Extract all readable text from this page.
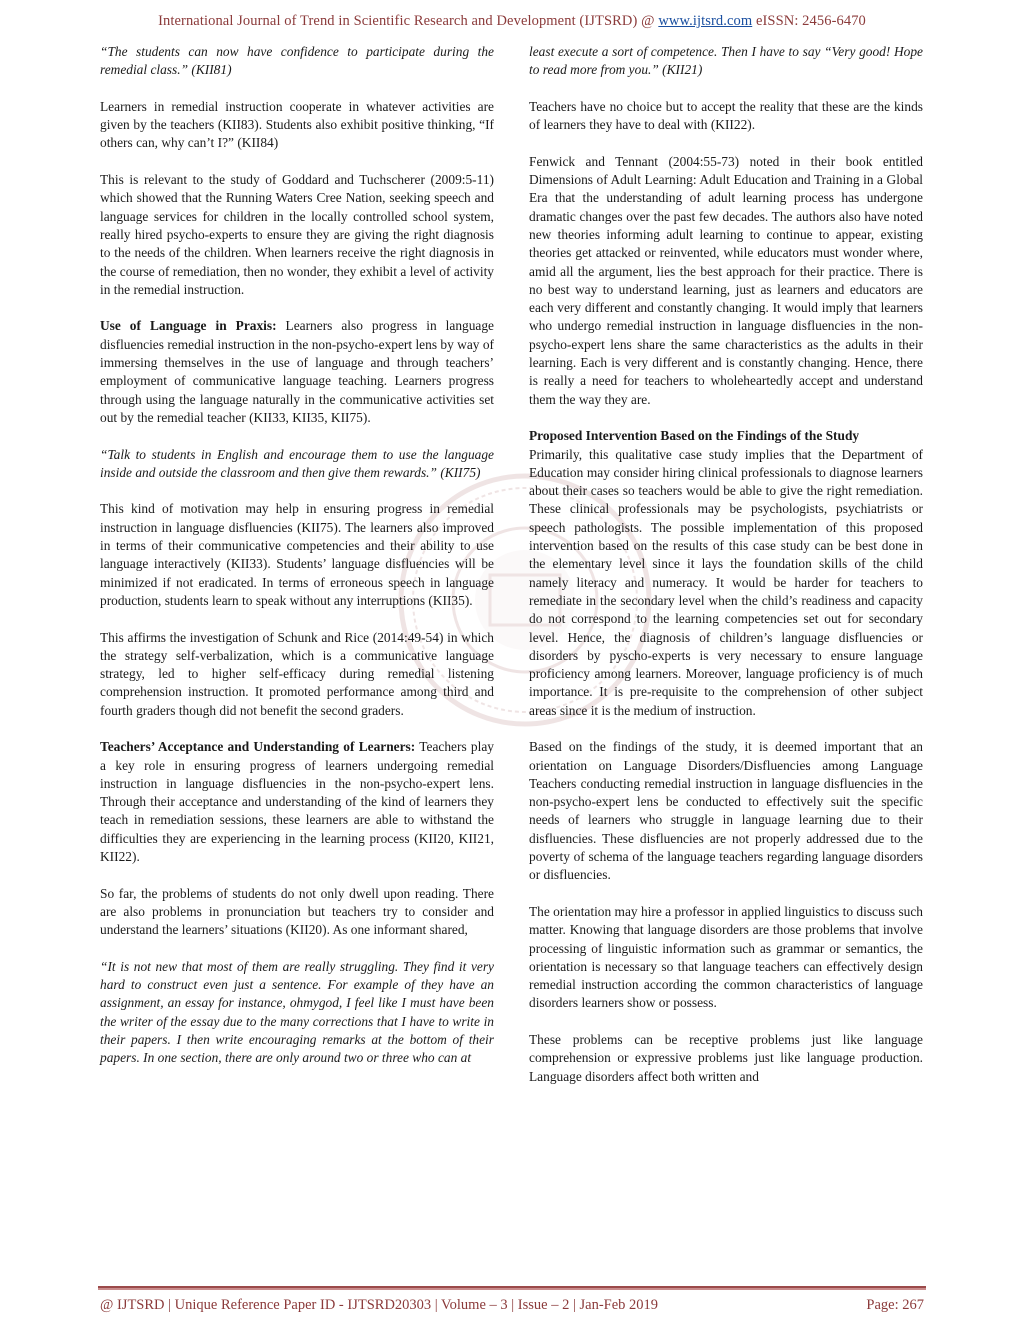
International Journal of Trend in Scientific Research and Development (IJTSRD) @ www.ijtsrd.com eISSN: 2456-6470

“The students can now have confidence to participate during the remedial class.” (KII81)

Learners in remedial instruction cooperate in whatever activities are given by the teachers (KII83). Students also exhibit positive thinking, “If others can, why can’t I?” (KII84)

This is relevant to the study of Goddard and Tuchscherer (2009:5-11) which showed that the Running Waters Cree Nation, seeking speech and language services for children in the locally controlled school system, really hired psycho-experts to ensure they are giving the right diagnosis to the needs of the children. When learners receive the right diagnosis in the course of remediation, then no wonder, they exhibit a level of activity in the remedial instruction.

Use of Language in Praxis: Learners also progress in language disfluencies remedial instruction in the non-psycho-expert lens by way of immersing themselves in the use of language and through teachers’ employment of communicative language teaching. Learners progress through using the language naturally in the communicative activities set out by the remedial teacher (KII33, KII35, KII75).

“Talk to students in English and encourage them to use the language inside and outside the classroom and then give them rewards.” (KII75)

This kind of motivation may help in ensuring progress in remedial instruction in language disfluencies (KII75). The learners also improved in terms of their communicative competencies and their ability to use language interactively (KII33). Students’ language disfluencies will be minimized if not eradicated. In terms of erroneous speech in language production, students learn to speak without any interruptions (KII35).

This affirms the investigation of Schunk and Rice (2014:49-54) in which the strategy self-verbalization, which is a communicative language strategy, led to higher self-efficacy during remedial listening comprehension instruction. It promoted performance among third and fourth graders though did not benefit the second graders.

Teachers’ Acceptance and Understanding of Learners: Teachers play a key role in ensuring progress of learners undergoing remedial instruction in language disfluencies in the non-psycho-expert lens. Through their acceptance and understanding of the kind of learners they teach in remediation sessions, these learners are able to withstand the difficulties they are experiencing in the learning process (KII20, KII21, KII22).

So far, the problems of students do not only dwell upon reading. There are also problems in pronunciation but teachers try to consider and understand the learners’ situations (KII20). As one informant shared,

“It is not new that most of them are really struggling. They find it very hard to construct even just a sentence. For example of they have an assignment, an essay for instance, ohmygod, I feel like I must have been the writer of the essay due to the many corrections that I have to write in their papers. I then write encouraging remarks at the bottom of their papers. In one section, there are only around two or three who can at

least execute a sort of competence. Then I have to say “Very good! Hope to read more from you.” (KII21)

Teachers have no choice but to accept the reality that these are the kinds of learners they have to deal with (KII22).

Fenwick and Tennant (2004:55-73) noted in their book entitled Dimensions of Adult Learning: Adult Education and Training in a Global Era that the understanding of adult learning process has undergone dramatic changes over the past few decades. The authors also have noted new theories informing adult learning to continue to appear, existing theories get attacked or reinvented, while educators must wonder where, amid all the argument, lies the best approach for their practice. There is no best way to understand learning, just as learners and educators are each very different and constantly changing. It would imply that learners who undergo remedial instruction in language disfluencies in the non-psycho-expert lens share the same characteristics as the adults in their learning. Each is very different and is constantly changing. Hence, there is really a need for teachers to wholeheartedly accept and understand them the way they are.

Proposed Intervention Based on the Findings of the Study

Primarily, this qualitative case study implies that the Department of Education may consider hiring clinical professionals to diagnose learners about their cases so teachers would be able to give the right remediation. These clinical professionals may be psychologists, psychiatrists or speech pathologists. The possible implementation of this proposed intervention based on the results of this case study can be best done in the elementary level since it lays the foundation skills of the child namely literacy and numeracy. It would be harder for teachers to remediate in the secondary level when the child’s readiness and capacity do not correspond to the learning competencies set out for secondary level. Hence, the diagnosis of children’s language disfluencies or disorders by pyscho-experts is very necessary to ensure language proficiency among learners. Moreover, language proficiency is of much importance. It is pre-requisite to the comprehension of other subject areas since it is the medium of instruction.

Based on the findings of the study, it is deemed important that an orientation on Language Disorders/Disfluencies among Language Teachers conducting remedial instruction in language disfluencies in the non-psycho-expert lens be conducted to effectively suit the specific needs of learners who struggle in language learning due to their disfluencies. These disfluencies are not properly addressed due to the poverty of schema of the language teachers regarding language disorders or disfluencies.

The orientation may hire a professor in applied linguistics to discuss such matter. Knowing that language disorders are those problems that involve processing of linguistic information such as grammar or semantics, the orientation is necessary so that language teachers can effectively design remedial instruction according the common characteristics of language disorders learners show or possess.

These problems can be receptive problems just like language comprehension or expressive problems just like language production. Language disorders affect both written and

@ IJTSRD | Unique Reference Paper ID - IJTSRD20303 | Volume – 3 | Issue – 2 | Jan-Feb 2019	Page: 267
